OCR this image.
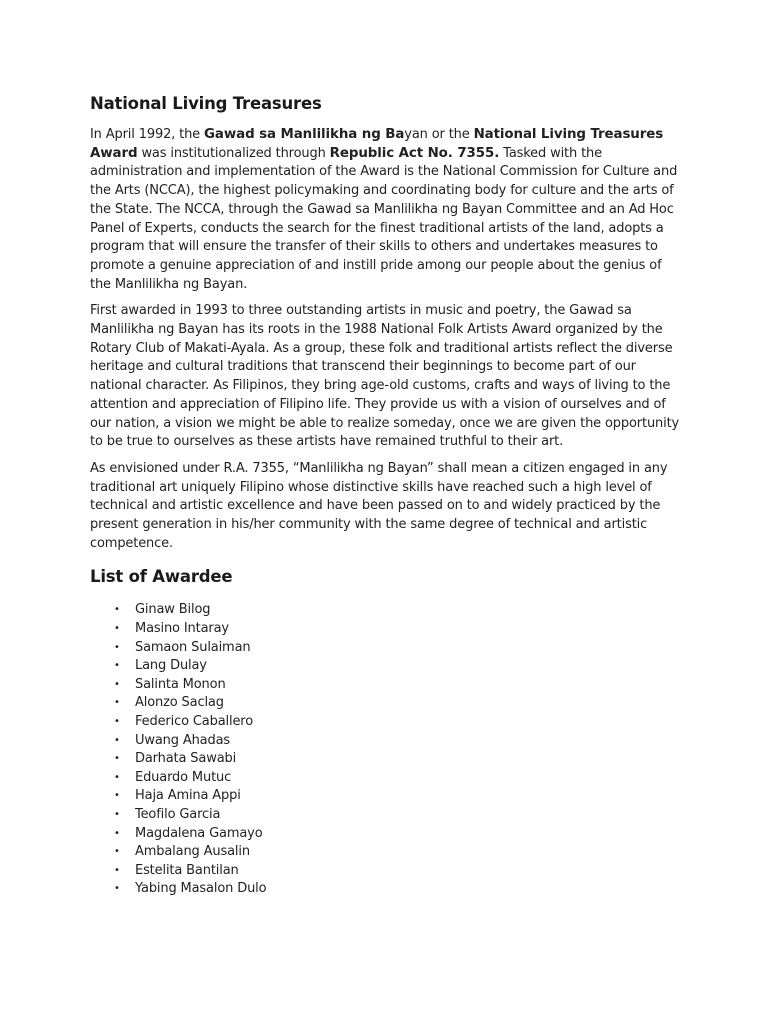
National Living Treasures

In April 1992, the Gawad sa Manlilikha ng Bayan or the National Living Treasures Award was institutionalized through Republic Act No. 7355. Tasked with the administration and implementation of the Award is the National Commission for Culture and the Arts (NCCA), the highest policymaking and coordinating body for culture and the arts of the State. The NCCA, through the Gawad sa Manlilikha ng Bayan Committee and an Ad Hoc Panel of Experts, conducts the search for the finest traditional artists of the land, adopts a program that will ensure the transfer of their skills to others and undertakes measures to promote a genuine appreciation of and instill pride among our people about the genius of the Manlilikha ng Bayan.

First awarded in 1993 to three outstanding artists in music and poetry, the Gawad sa Manlilikha ng Bayan has its roots in the 1988 National Folk Artists Award organized by the Rotary Club of Makati-Ayala. As a group, these folk and traditional artists reflect the diverse heritage and cultural traditions that transcend their beginnings to become part of our national character. As Filipinos, they bring age-old customs, crafts and ways of living to the attention and appreciation of Filipino life. They provide us with a vision of ourselves and of our nation, a vision we might be able to realize someday, once we are given the opportunity to be true to ourselves as these artists have remained truthful to their art.

As envisioned under R.A. 7355, “Manlilikha ng Bayan” shall mean a citizen engaged in any traditional art uniquely Filipino whose distinctive skills have reached such a high level of technical and artistic excellence and have been passed on to and widely practiced by the present generation in his/her community with the same degree of technical and artistic competence.

List of Awardee
• Ginaw Bilog
• Masino Intaray
• Samaon Sulaiman
• Lang Dulay
• Salinta Monon
• Alonzo Saclag
• Federico Caballero
• Uwang Ahadas
• Darhata Sawabi
• Eduardo Mutuc
• Haja Amina Appi
• Teofilo Garcia
• Magdalena Gamayo
• Ambalang Ausalin
• Estelita Bantilan
• Yabing Masalon Dulo
